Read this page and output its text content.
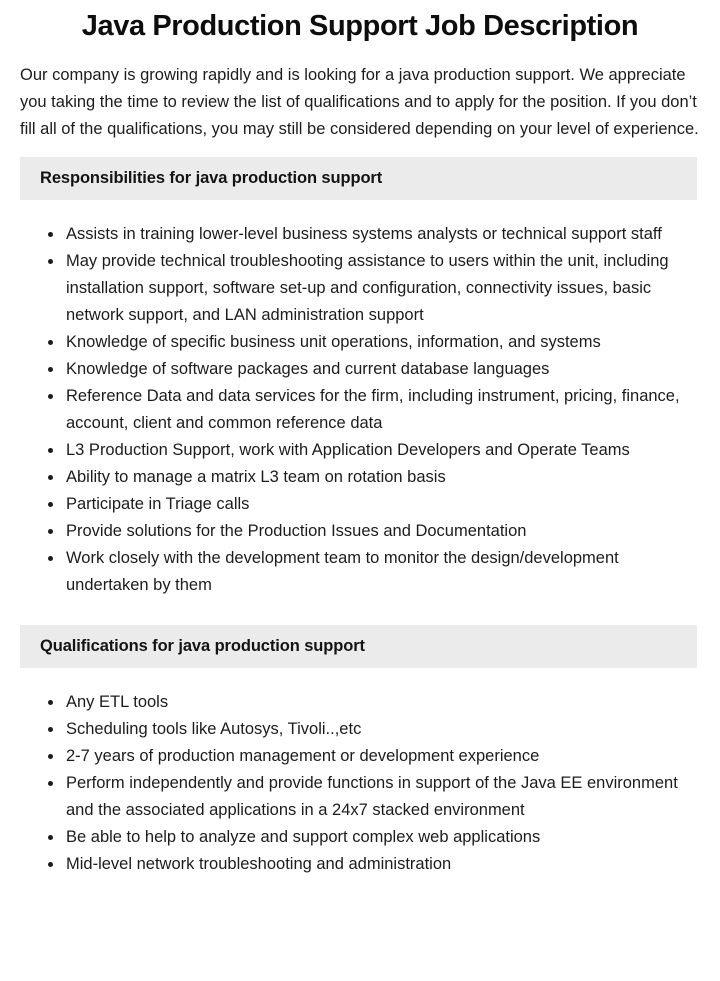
Java Production Support Job Description

Our company is growing rapidly and is looking for a java production support. We appreciate you taking the time to review the list of qualifications and to apply for the position. If you don’t fill all of the qualifications, you may still be considered depending on your level of experience.

Responsibilities for java production support
• Assists in training lower-level business systems analysts or technical support staff
• May provide technical troubleshooting assistance to users within the unit, including installation support, software set-up and configuration, connectivity issues, basic network support, and LAN administration support
• Knowledge of specific business unit operations, information, and systems
• Knowledge of software packages and current database languages
• Reference Data and data services for the firm, including instrument, pricing, finance, account, client and common reference data
• L3 Production Support, work with Application Developers and Operate Teams
• Ability to manage a matrix L3 team on rotation basis
• Participate in Triage calls
• Provide solutions for the Production Issues and Documentation
• Work closely with the development team to monitor the design/development undertaken by them
Qualifications for java production support
• Any ETL tools
• Scheduling tools like Autosys, Tivoli..,etc
• 2-7 years of production management or development experience
• Perform independently and provide functions in support of the Java EE environment and the associated applications in a 24x7 stacked environment
• Be able to help to analyze and support complex web applications
• Mid-level network troubleshooting and administration
